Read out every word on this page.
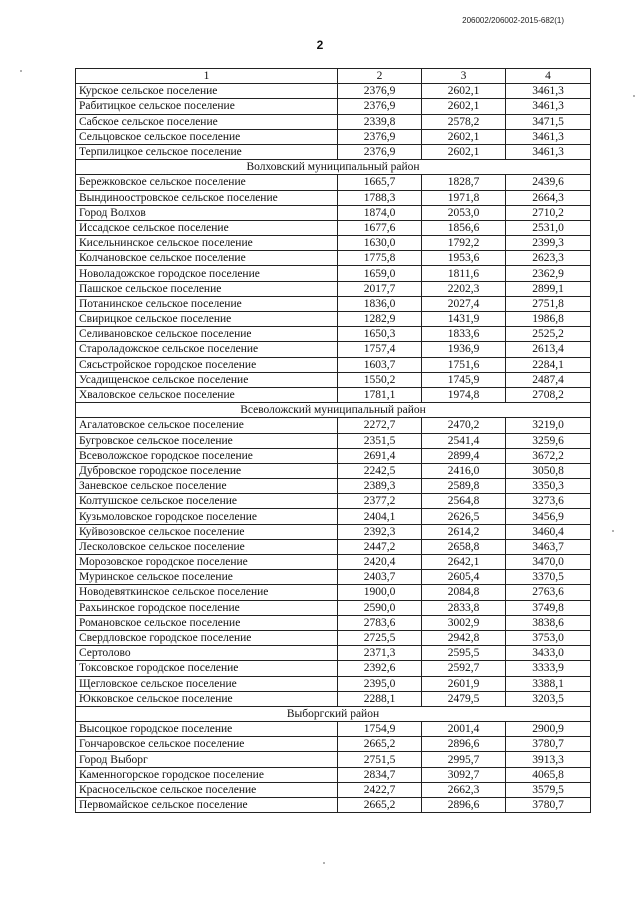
206002/206002-2015-682(1)
2
1	2	3	4
Курское сельское поселение	2376,9	2602,1	3461,3
Рабитицкое сельское поселение	2376,9	2602,1	3461,3
Сабское сельское поселение	2339,8	2578,2	3471,5
Сельцовское сельское поселение	2376,9	2602,1	3461,3
Терпилицкое сельское поселение	2376,9	2602,1	3461,3
Волховский муниципальный район			
Бережковское сельское поселение	1665,7	1828,7	2439,6
Вындиноостровское сельское поселение	1788,3	1971,8	2664,3
Город Волхов	1874,0	2053,0	2710,2
Иссадское сельское поселение	1677,6	1856,6	2531,0
Кисельнинское сельское поселение	1630,0	1792,2	2399,3
Колчановское сельское поселение	1775,8	1953,6	2623,3
Новоладожское городское поселение	1659,0	1811,6	2362,9
Пашское сельское поселение	2017,7	2202,3	2899,1
Потанинское сельское поселение	1836,0	2027,4	2751,8
Свирицкое сельское поселение	1282,9	1431,9	1986,8
Селивановское сельское поселение	1650,3	1833,6	2525,2
Староладожское сельское поселение	1757,4	1936,9	2613,4
Сясьстройское городское поселение	1603,7	1751,6	2284,1
Усадищенское сельское поселение	1550,2	1745,9	2487,4
Хваловское сельское поселение	1781,1	1974,8	2708,2
Всеволожский муниципальный район			
Агалатовское сельское поселение	2272,7	2470,2	3219,0
Бугровское сельское поселение	2351,5	2541,4	3259,6
Всеволожское городское поселение	2691,4	2899,4	3672,2
Дубровское городское поселение	2242,5	2416,0	3050,8
Заневское сельское поселение	2389,3	2589,8	3350,3
Колтушское сельское поселение	2377,2	2564,8	3273,6
Кузьмоловское городское поселение	2404,1	2626,5	3456,9
Куйвозовское сельское поселение	2392,3	2614,2	3460,4
Лесколовское сельское поселение	2447,2	2658,8	3463,7
Морозовское городское поселение	2420,4	2642,1	3470,0
Муринское сельское поселение	2403,7	2605,4	3370,5
Новодевяткинское сельское поселение	1900,0	2084,8	2763,6
Рахьинское городское поселение	2590,0	2833,8	3749,8
Романовское сельское поселение	2783,6	3002,9	3838,6
Свердловское городское поселение	2725,5	2942,8	3753,0
Сертолово	2371,3	2595,5	3433,0
Токсовское городское поселение	2392,6	2592,7	3333,9
Щегловское сельское поселение	2395,0	2601,9	3388,1
Юкковское сельское поселение	2288,1	2479,5	3203,5
Выборгский район			
Высоцкое городское поселение	1754,9	2001,4	2900,9
Гончаровское сельское поселение	2665,2	2896,6	3780,7
Город Выборг	2751,5	2995,7	3913,3
Каменногорское городское поселение	2834,7	3092,7	4065,8
Красносельское сельское поселение	2422,7	2662,3	3579,5
Первомайское сельское поселение	2665,2	2896,6	3780,7
